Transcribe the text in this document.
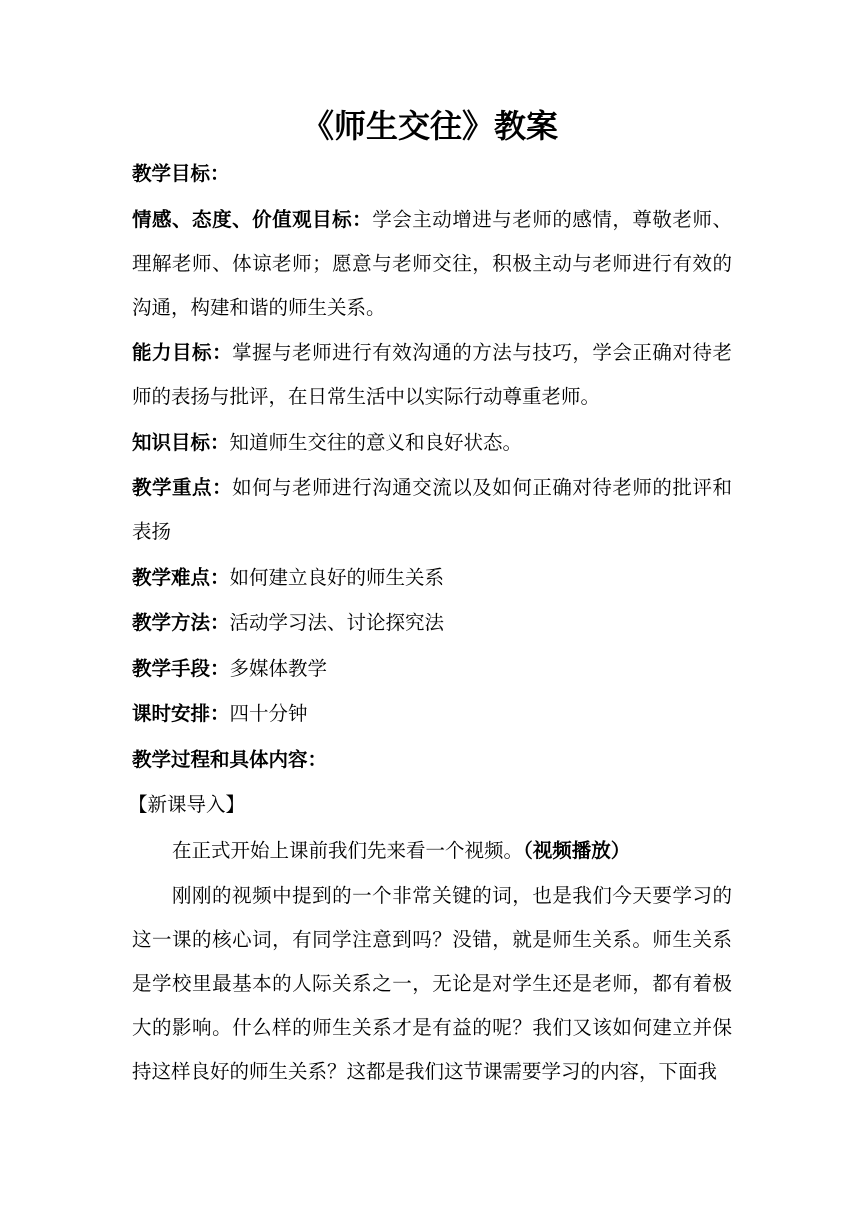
《师生交往》教案

教学目标：

情感、态度、价值观目标：学会主动增进与老师的感情，尊敬老师、理解老师、体谅老师；愿意与老师交往，积极主动与老师进行有效的沟通，构建和谐的师生关系。

能力目标：掌握与老师进行有效沟通的方法与技巧，学会正确对待老师的表扬与批评，在日常生活中以实际行动尊重老师。

知识目标：知道师生交往的意义和良好状态。

教学重点：如何与老师进行沟通交流以及如何正确对待老师的批评和表扬

教学难点：如何建立良好的师生关系

教学方法：活动学习法、讨论探究法

教学手段：多媒体教学

课时安排：四十分钟

教学过程和具体内容：

【新课导入】

在正式开始上课前我们先来看一个视频。（视频播放）

刚刚的视频中提到的一个非常关键的词，也是我们今天要学习的这一课的核心词，有同学注意到吗？没错，就是师生关系。师生关系是学校里最基本的人际关系之一，无论是对学生还是老师，都有着极大的影响。什么样的师生关系才是有益的呢？我们又该如何建立并保持这样良好的师生关系？这都是我们这节课需要学习的内容，下面我
